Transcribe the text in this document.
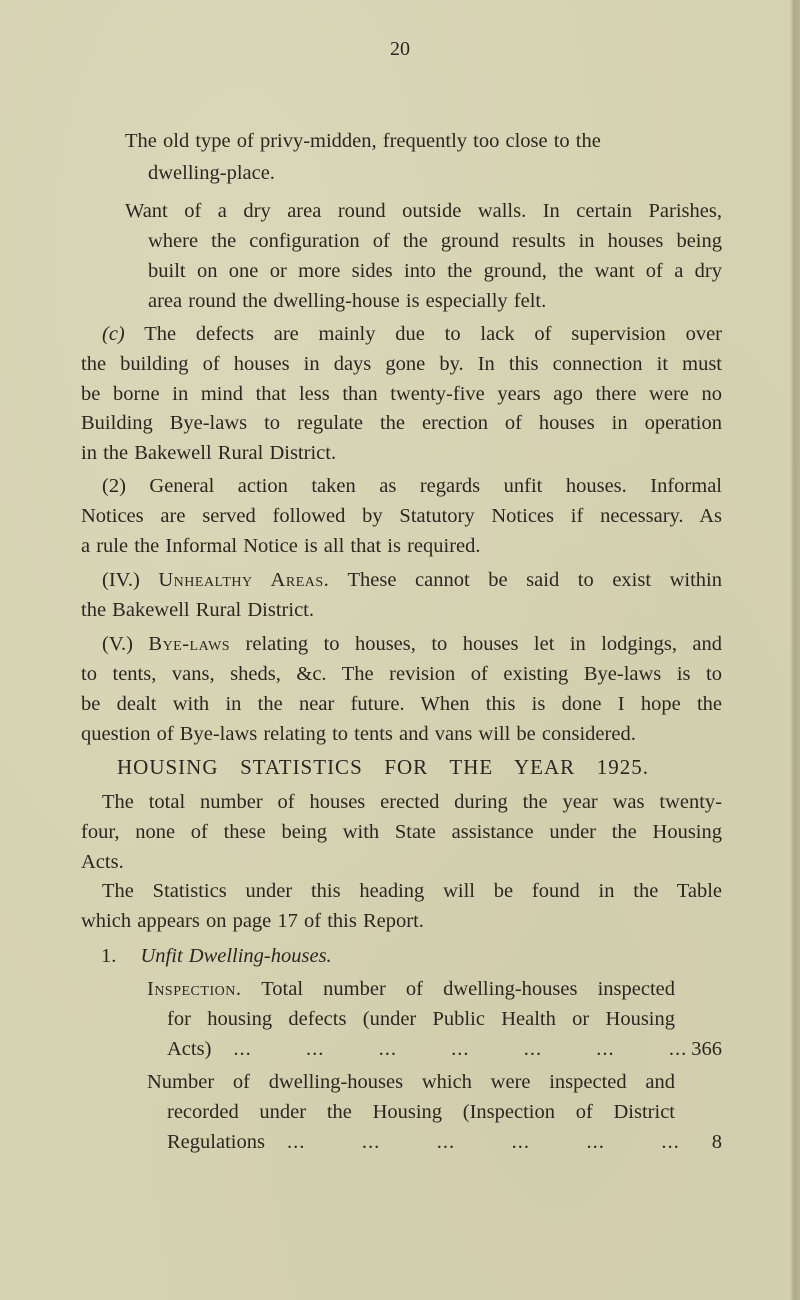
20
The old type of privy-midden, frequently too close to the
dwelling-place.
Want of a dry area round outside walls. In certain Parishes,
where the configuration of the ground results in houses being
built on one or more sides into the ground, the want of a dry
area round the dwelling-house is especially felt.
(c) The defects are mainly due to lack of supervision over
the building of houses in days gone by. In this connection it must
be borne in mind that less than twenty-five years ago there were no
Building Bye-laws to regulate the erection of houses in operation
in the Bakewell Rural District.
(2) General action taken as regards unfit houses. Informal
Notices are served followed by Statutory Notices if necessary. As
a rule the Informal Notice is all that is required.
(IV.) Unhealthy Areas. These cannot be said to exist within
the Bakewell Rural District.
(V.) Bye-laws relating to houses, to houses let in lodgings, and
to tents, vans, sheds, &c. The revision of existing Bye-laws is to
be dealt with in the near future. When this is done I hope the
question of Bye-laws relating to tents and vans will be considered.
HOUSING STATISTICS FOR THE YEAR 1925.
The total number of houses erected during the year was twenty-
four, none of these being with State assistance under the Housing
Acts.
The Statistics under this heading will be found in the Table
which appears on page 17 of this Report.
1. Unfit Dwelling-houses.
Inspection. Total number of dwelling-houses inspected
for housing defects (under Public Health or Housing
Acts) ...	...	...	...	...	...	... 366
Number of dwelling-houses which were inspected and
recorded under the Housing (Inspection of District
Regulations ...	...	...	...	...	... 8
